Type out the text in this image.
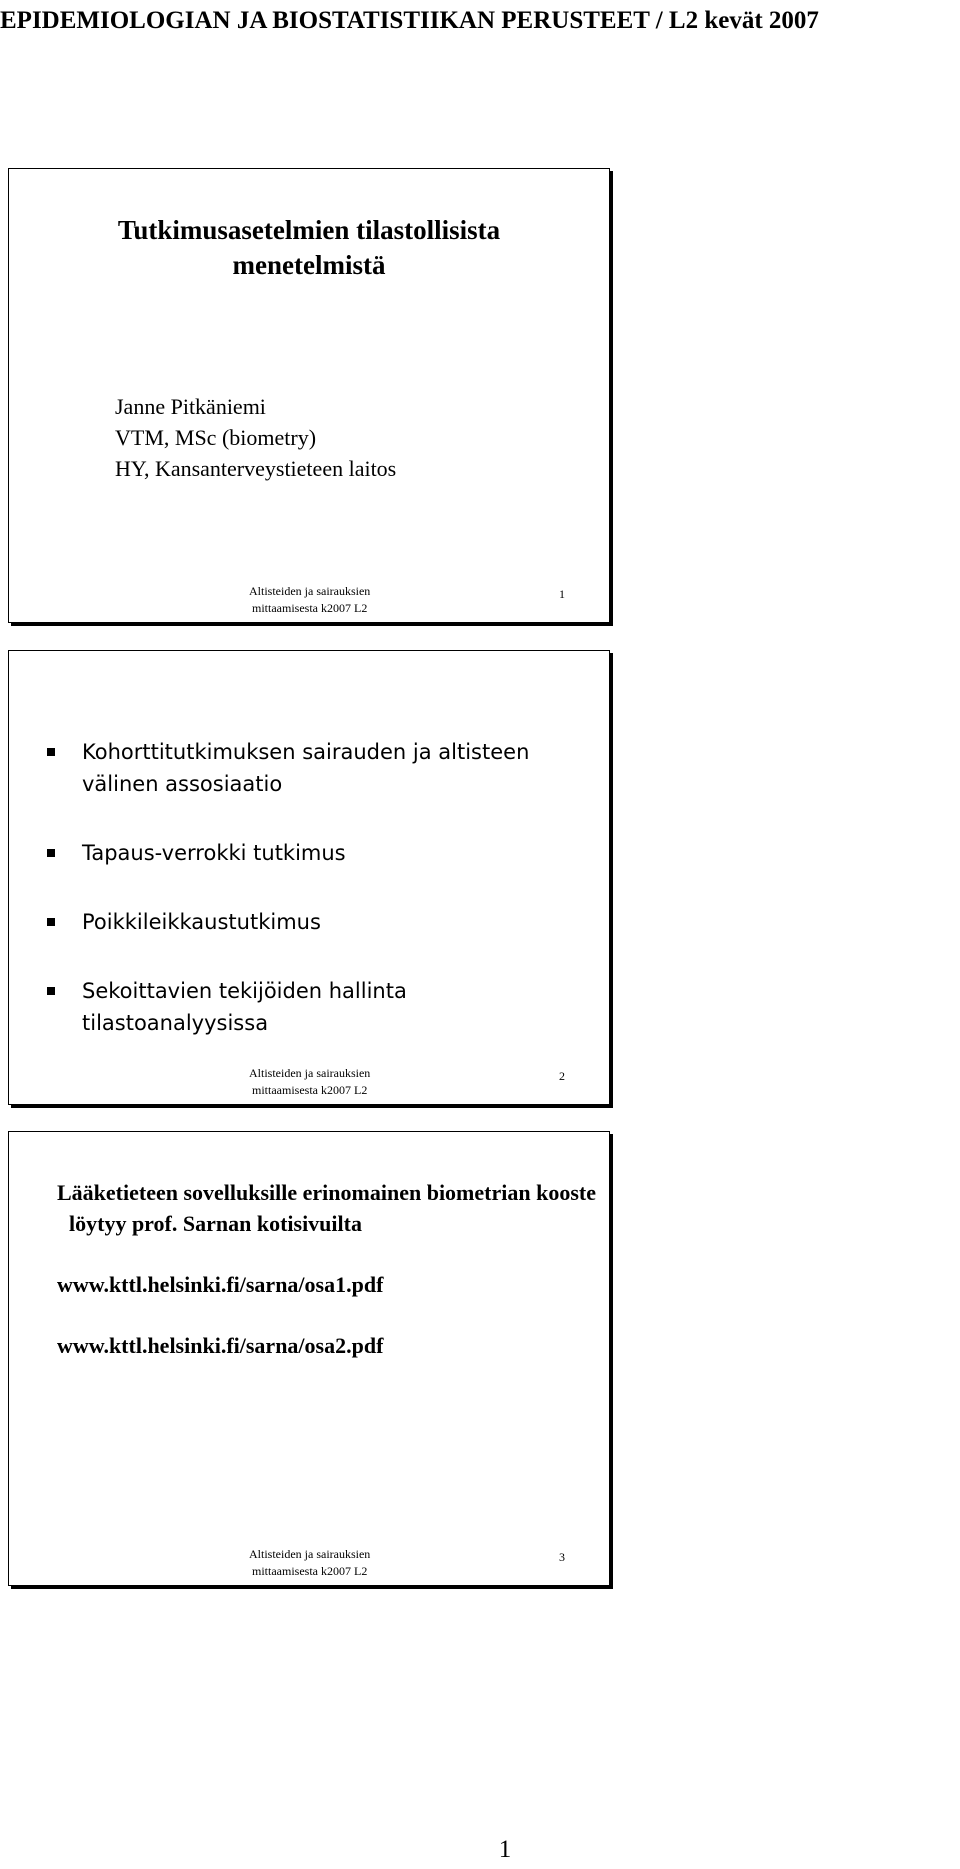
EPIDEMIOLOGIAN JA BIOSTATISTIIKAN PERUSTEET / L2 kevät 2007
Tutkimusasetelmien tilastollisista
menetelmistä
Janne Pitkäniemi
VTM, MSc (biometry)
HY, Kansanterveystieteen laitos
Altisteiden ja sairauksien
mittaamisesta k2007 L2
1
Kohorttitutkimuksen sairauden ja altisteen välinen assosiaatio
Tapaus-verrokki tutkimus
Poikkileikkaustutkimus
Sekoittavien tekijöiden hallinta tilastoanalyysissa
Altisteiden ja sairauksien
mittaamisesta k2007 L2
2

Lääketieteen sovelluksille erinomainen biometrian kooste löytyy prof. Sarnan kotisivuilta

www.kttl.helsinki.fi/sarna/osa1.pdf

www.kttl.helsinki.fi/sarna/osa2.pdf

Altisteiden ja sairauksien
mittaamisesta k2007 L2
3
1
